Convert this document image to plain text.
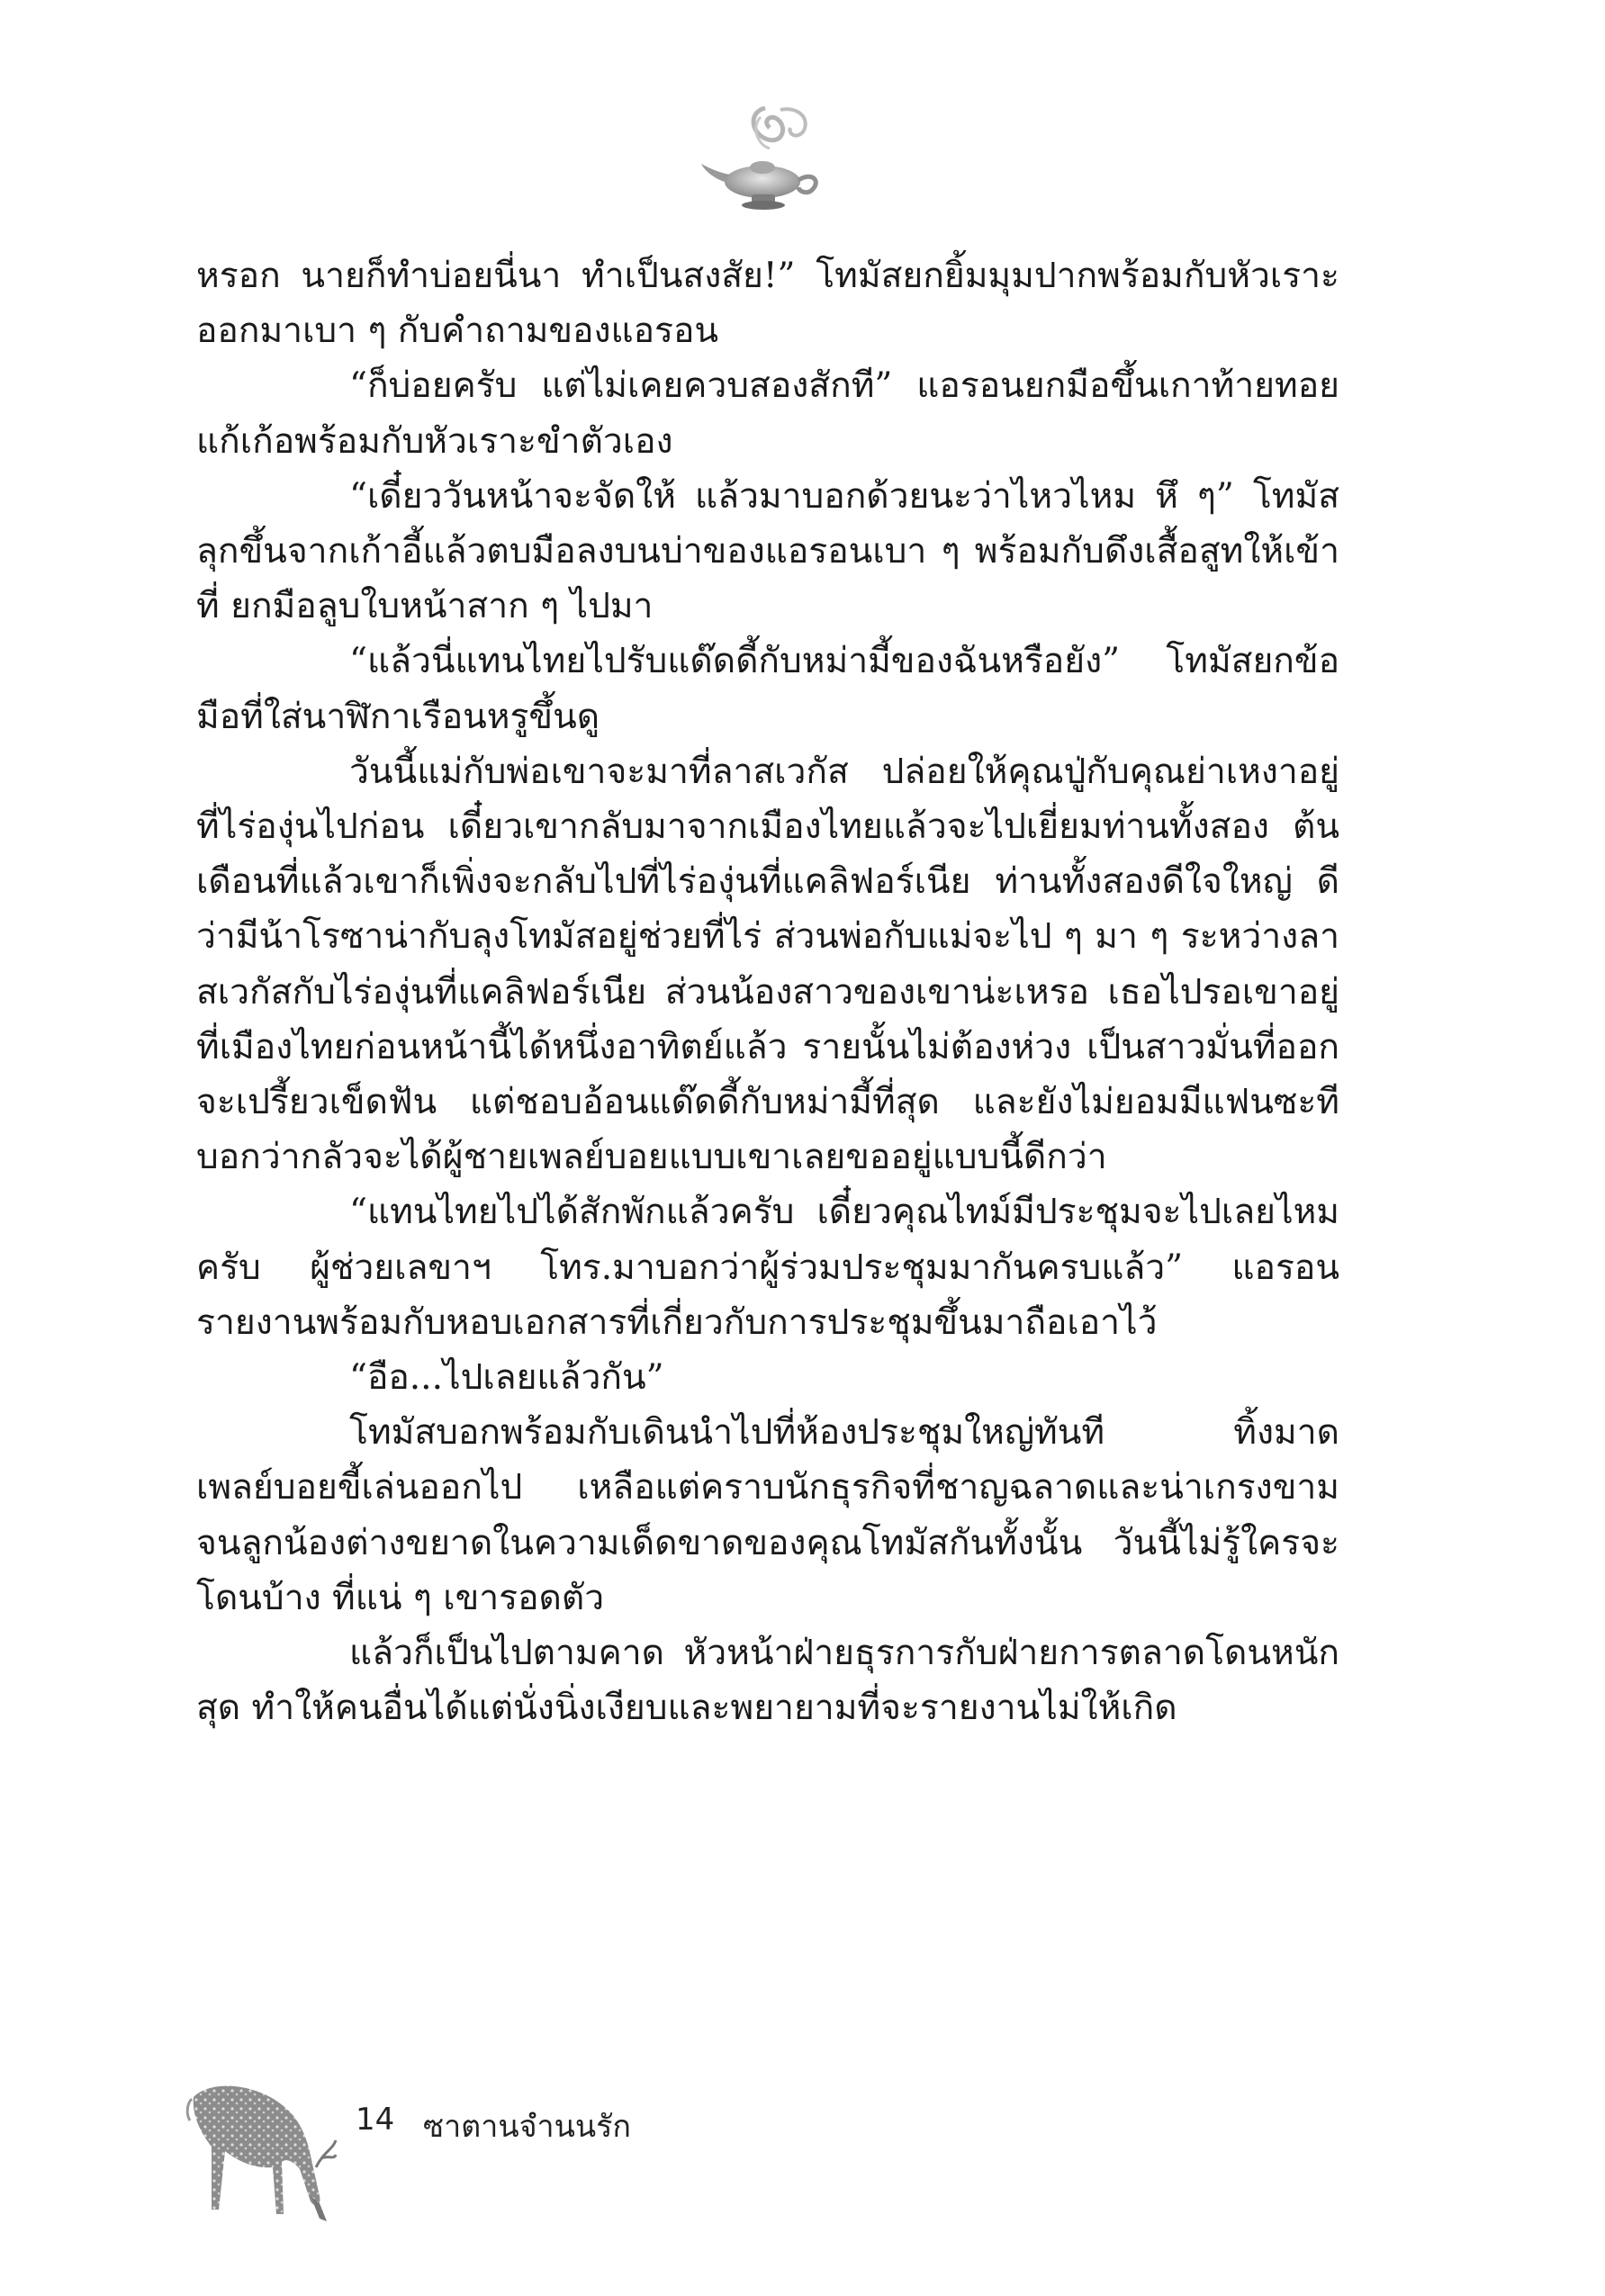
หรอก นายก็ทำบ่อยนี่นา ทำเป็นสงสัย!” โทมัสยกยิ้มมุมปากพร้อมกับหัวเราะออกมาเบา ๆ กับคำถามของแอรอน

“ก็บ่อยครับ แต่ไม่เคยควบสองสักที” แอรอนยกมือขึ้นเกาท้ายทอยแก้เก้อพร้อมกับหัวเราะขำตัวเอง

“เดี๋ยววันหน้าจะจัดให้ แล้วมาบอกด้วยนะว่าไหวไหม หึ ๆ” โทมัสลุกขึ้นจากเก้าอี้แล้วตบมือลงบนบ่าของแอรอนเบา ๆ พร้อมกับดึงเสื้อสูทให้เข้าที่ ยกมือลูบใบหน้าสาก ๆ ไปมา

“แล้วนี่แทนไทยไปรับแด๊ดดี้กับหม่ามี้ของฉันหรือยัง” โทมัสยกข้อมือที่ใส่นาฬิกาเรือนหรูขึ้นดู

วันนี้แม่กับพ่อเขาจะมาที่ลาสเวกัส ปล่อยให้คุณปู่กับคุณย่าเหงาอยู่ที่ไร่องุ่นไปก่อน เดี๋ยวเขากลับมาจากเมืองไทยแล้วจะไปเยี่ยมท่านทั้งสอง ต้นเดือนที่แล้วเขาก็เพิ่งจะกลับไปที่ไร่องุ่นที่แคลิฟอร์เนีย ท่านทั้งสองดีใจใหญ่ ดีว่ามีน้าโรซาน่ากับลุงโทมัสอยู่ช่วยที่ไร่ ส่วนพ่อกับแม่จะไป ๆ มา ๆ ระหว่างลาสเวกัสกับไร่องุ่นที่แคลิฟอร์เนีย ส่วนน้องสาวของเขาน่ะเหรอ เธอไปรอเขาอยู่ที่เมืองไทยก่อนหน้านี้ได้หนึ่งอาทิตย์แล้ว รายนั้นไม่ต้องห่วง เป็นสาวมั่นที่ออกจะเปรี้ยวเข็ดฟัน แต่ชอบอ้อนแด๊ดดี้กับหม่ามี้ที่สุด และยังไม่ยอมมีแฟนซะที บอกว่ากลัวจะได้ผู้ชายเพลย์บอยแบบเขาเลยขออยู่แบบนี้ดีกว่า

“แทนไทยไปได้สักพักแล้วครับ เดี๋ยวคุณไทม์มีประชุมจะไปเลยไหมครับ ผู้ช่วยเลขาฯ โทร.มาบอกว่าผู้ร่วมประชุมมากันครบแล้ว” แอรอนรายงานพร้อมกับหอบเอกสารที่เกี่ยวกับการประชุมขึ้นมาถือเอาไว้

“อือ...ไปเลยแล้วกัน”

โทมัสบอกพร้อมกับเดินนำไปที่ห้องประชุมใหญ่ทันที ทิ้งมาดเพลย์บอยขี้เล่นออกไป เหลือแต่คราบนักธุรกิจที่ชาญฉลาดและน่าเกรงขามจนลูกน้องต่างขยาดในความเด็ดขาดของคุณโทมัสกันทั้งนั้น วันนี้ไม่รู้ใครจะโดนบ้าง ที่แน่ ๆ เขารอดตัว

แล้วก็เป็นไปตามคาด หัวหน้าฝ่ายธุรการกับฝ่ายการตลาดโดนหนักสุด ทำให้คนอื่นได้แต่นั่งนิ่งเงียบและพยายามที่จะรายงานไม่ให้เกิด

14 ซาตานจำนนรัก
